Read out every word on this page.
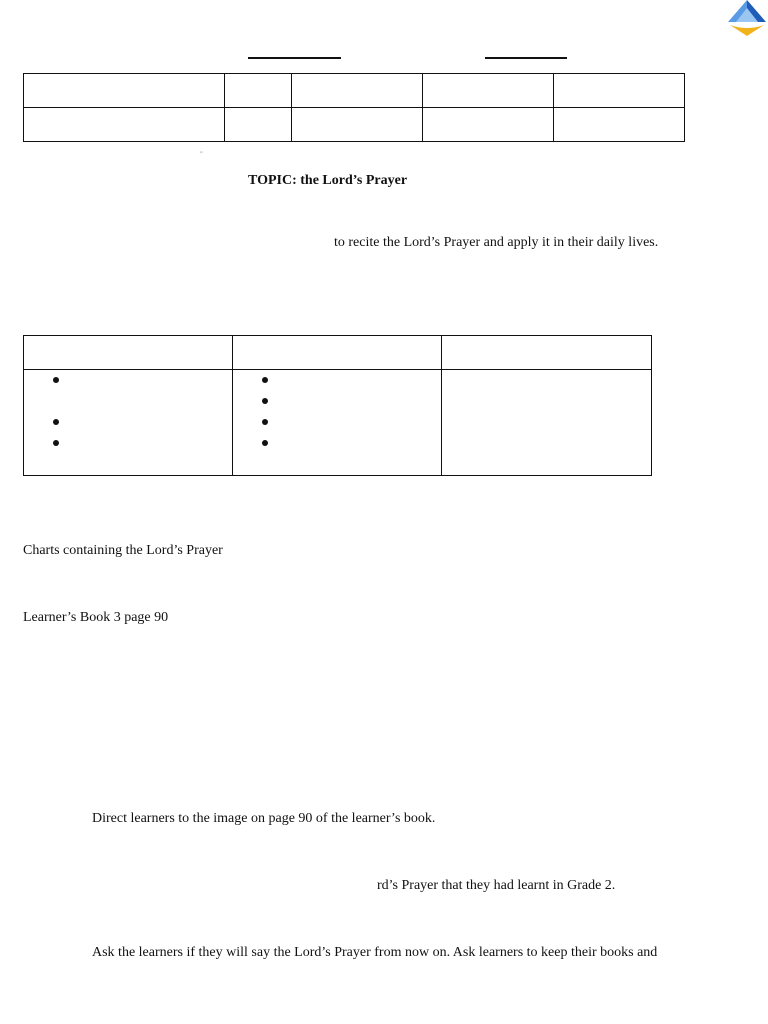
¨
TOPIC: the Lord’s Prayer
to recite the Lord’s Prayer and apply it in their daily lives.

Charts containing the Lord’s Prayer
Learner’s Book 3 page 90
Direct learners to the image on page 90 of the learner’s book.
rd’s Prayer that they had learnt in Grade 2.
Ask the learners if they will say the Lord’s Prayer from now on. Ask learners to keep their books and
